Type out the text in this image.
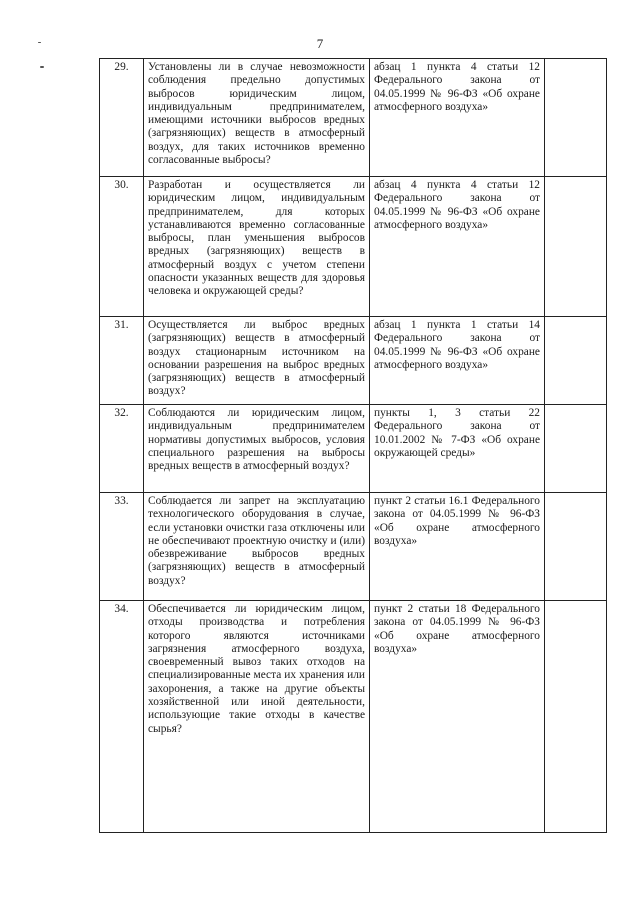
7
29.	Установлены ли в случае невозможности соблюдения предельно допустимых выбросов юридическим лицом, индивидуальным предпринимателем, имеющими источники выбросов вредных (загрязняющих) веществ в атмосферный воздух, для таких источников временно согласованные выбросы?	абзац 1 пункта 4 статьи 12 Федерального закона от 04.05.1999 № 96-ФЗ «Об охране атмосферного воздуха»	
30.	Разработан и осуществляется ли юридическим лицом, индивидуальным предпринимателем, для которых устанавливаются временно согласованные выбросы, план уменьшения выбросов вредных (загрязняющих) веществ в атмосферный воздух с учетом степени опасности указанных веществ для здоровья человека и окружающей среды?	абзац 4 пункта 4 статьи 12 Федерального закона от 04.05.1999 № 96-ФЗ «Об охране атмосферного воздуха»	
31.	Осуществляется ли выброс вредных (загрязняющих) веществ в атмосферный воздух стационарным источником на основании разрешения на выброс вредных (загрязняющих) веществ в атмосферный воздух?	абзац 1 пункта 1 статьи 14 Федерального закона от 04.05.1999 № 96-ФЗ «Об охране атмосферного воздуха»	
32.	Соблюдаются ли юридическим лицом, индивидуальным предпринимателем нормативы допустимых выбросов, условия специального разрешения на выбросы вредных веществ в атмосферный воздух?	пункты 1, 3 статьи 22 Федерального закона от 10.01.2002 № 7-ФЗ «Об охране окружающей среды»	
33.	Соблюдается ли запрет на эксплуатацию технологического оборудования в случае, если установки очистки газа отключены или не обеспечивают проектную очистку и (или) обезвреживание выбросов вредных (загрязняющих) веществ в атмосферный воздух?	пункт 2 статьи 16.1 Федерального закона от 04.05.1999 № 96-ФЗ «Об охране атмосферного воздуха»	
34.	Обеспечивается ли юридическим лицом, отходы производства и потребления которого являются источниками загрязнения атмосферного воздуха, своевременный вывоз таких отходов на специализированные места их хранения или захоронения, а также на другие объекты хозяйственной или иной деятельности, использующие такие отходы в качестве сырья?	пункт 2 статьи 18 Федерального закона от 04.05.1999 № 96-ФЗ «Об охране атмосферного воздуха»	
